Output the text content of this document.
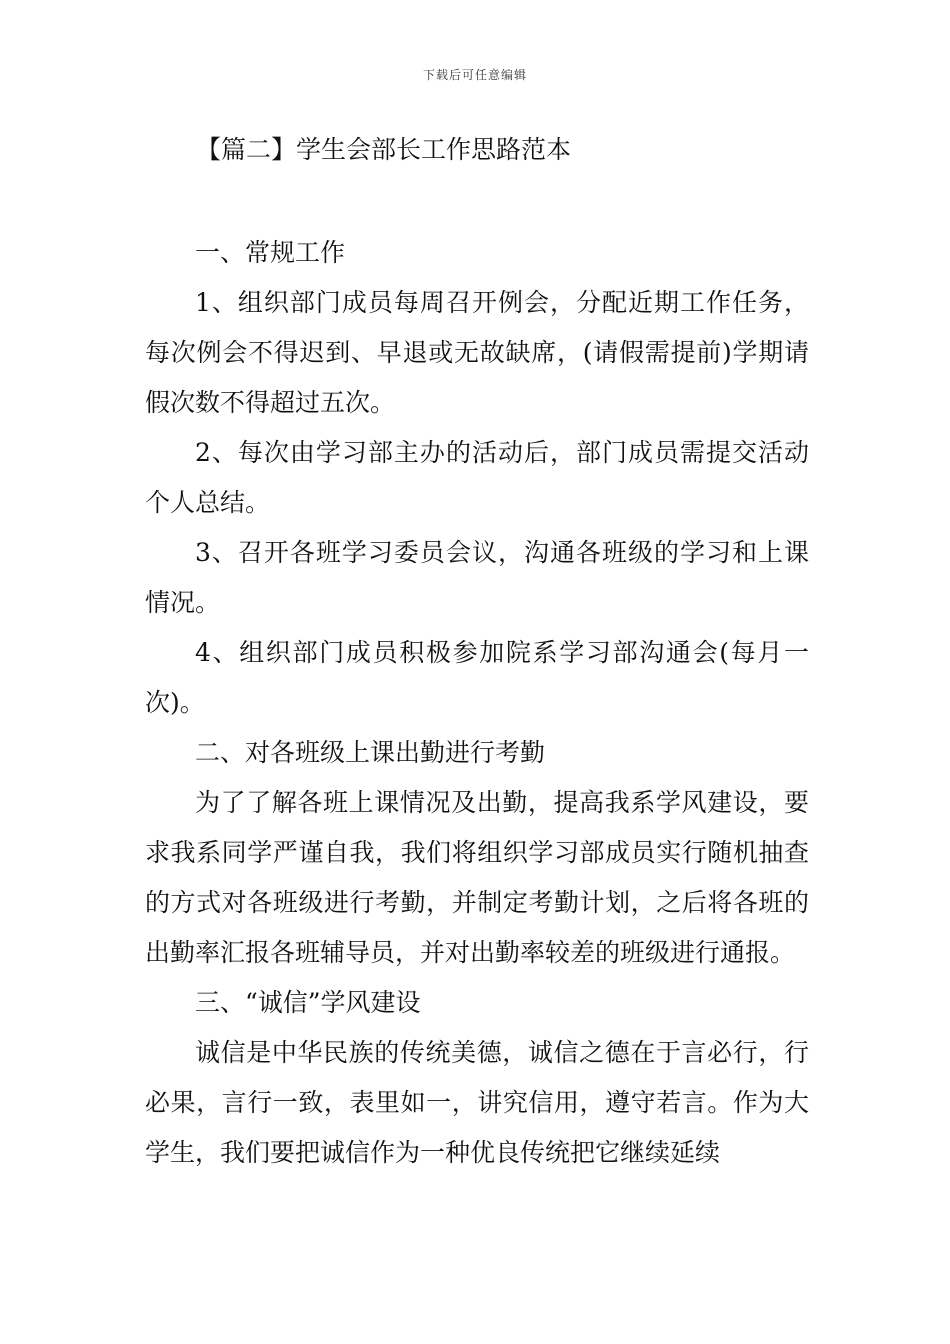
下载后可任意编辑
【篇二】学生会部长工作思路范本

一、常规工作

1、组织部门成员每周召开例会，分配近期工作任务，每次例会不得迟到、早退或无故缺席，(请假需提前)学期请假次数不得超过五次。

2、每次由学习部主办的活动后，部门成员需提交活动个人总结。

3、召开各班学习委员会议，沟通各班级的学习和上课情况。

4、组织部门成员积极参加院系学习部沟通会(每月一次)。

二、对各班级上课出勤进行考勤

为了了解各班上课情况及出勤，提高我系学风建设，要求我系同学严谨自我，我们将组织学习部成员实行随机抽查的方式对各班级进行考勤，并制定考勤计划，之后将各班的出勤率汇报各班辅导员，并对出勤率较差的班级进行通报。

三、“诚信”学风建设

诚信是中华民族的传统美德，诚信之德在于言必行，行必果，言行一致，表里如一，讲究信用，遵守若言。作为大学生，我们要把诚信作为一种优良传统把它继续延续
